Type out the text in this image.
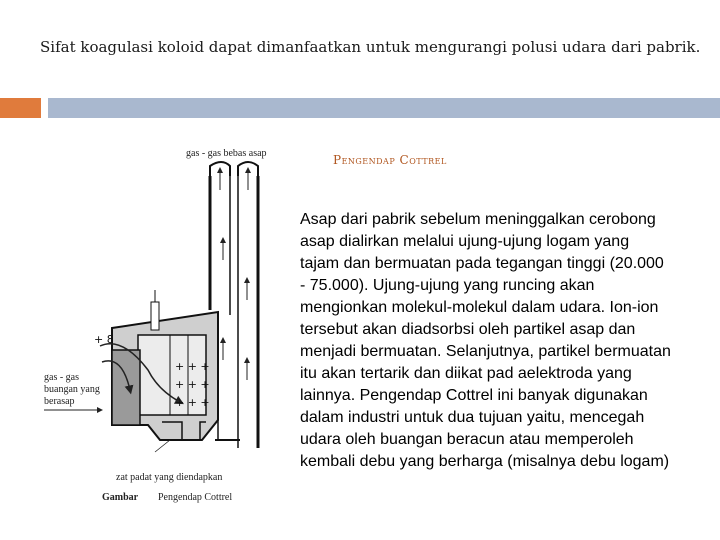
Sifat koagulasi koloid dapat dimanfaatkan untuk mengurangi polusi udara dari pabrik.
Pengendap Cottrel
Asap dari pabrik sebelum meninggalkan cerobong asap dialirkan melalui ujung-ujung logam yang tajam dan bermuatan pada tegangan tinggi (20.000 - 75.000). Ujung-ujung yang runcing akan mengionkan molekul-molekul dalam udara. Ion-ion tersebut akan diadsorbsi oleh partikel asap dan menjadi bermuatan. Selanjutnya, partikel bermuatan itu akan tertarik dan diikat pad aelektroda yang lainnya. Pengendap Cottrel ini banyak digunakan dalam industri untuk dua tujuan yaitu, mencegah udara oleh buangan beracun atau memperoleh kembali debu yang berharga (misalnya debu logam)
gas - gas bebas asap
+ + +
+ + +
+ + +
+ 8
gas - gas
buangan yang
berasap
zat padat yang diendapkan
Gambar Pengendap Cottrel
